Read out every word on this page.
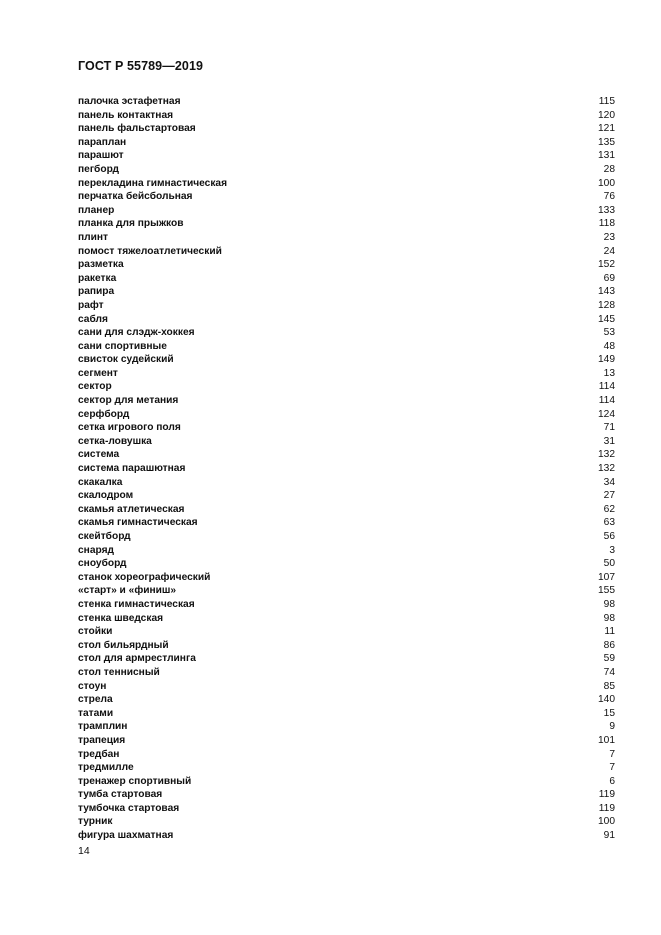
ГОСТ Р 55789—2019
палочка эстафетная	115
панель контактная	120
панель фальстартовая	121
параплан	135
парашют	131
пегборд	28
перекладина гимнастическая	100
перчатка бейсбольная	76
планер	133
планка для прыжков	118
плинт	23
помост тяжелоатлетический	24
разметка	152
ракетка	69
рапира	143
рафт	128
сабля	145
сани для слэдж-хоккея	53
сани спортивные	48
свисток судейский	149
сегмент	13
сектор	114
сектор для метания	114
серфборд	124
сетка игрового поля	71
сетка-ловушка	31
система	132
система парашютная	132
скакалка	34
скалодром	27
скамья атлетическая	62
скамья гимнастическая	63
скейтборд	56
снаряд	3
сноуборд	50
станок хореографический	107
«старт» и «финиш»	155
стенка гимнастическая	98
стенка шведская	98
стойки	11
стол бильярдный	86
стол для армрестлинга	59
стол теннисный	74
стоун	85
стрела	140
татами	15
трамплин	9
трапеция	101
тредбан	7
тредмилле	7
тренажер спортивный	6
тумба стартовая	119
тумбочка стартовая	119
турник	100
фигура шахматная	91
14
